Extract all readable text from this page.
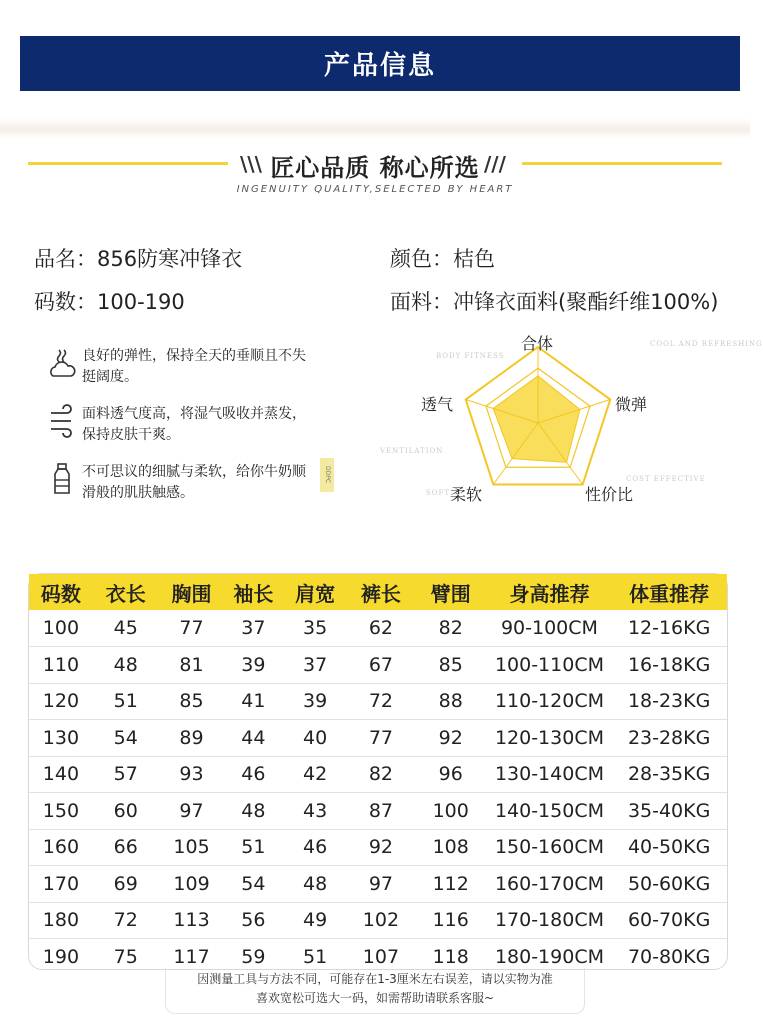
产品信息
\\\	///
匠心品质 称心所选
INGENUITY QUALITY,SELECTED BY HEART
品名：856防寒冲锋衣	颜色：桔色
码数：100-190	面料：冲锋衣面料(聚酯纤维100%)
良好的弹性，保持全天的垂顺且不失挺阔度。
面料透气度高，将湿气吸收并蒸发，保持皮肤干爽。
不可思议的细腻与柔软，给你牛奶顺滑般的肌肤触感。
DDPC
BODY FITNESS
COOL AND REFRESHING
VENTILATION
SOFT
COST EFFECTIVE
合体
微弹
性价比
柔软
透气
码数	衣长	胸围	袖长	肩宽	裤长	臂围	身高推荐	体重推荐
100	45	77	37	35	62	82	90-100CM	12-16KG
110	48	81	39	37	67	85	100-110CM	16-18KG
120	51	85	41	39	72	88	110-120CM	18-23KG
130	54	89	44	40	77	92	120-130CM	23-28KG
140	57	93	46	42	82	96	130-140CM	28-35KG
150	60	97	48	43	87	100	140-150CM	35-40KG
160	66	105	51	46	92	108	150-160CM	40-50KG
170	69	109	54	48	97	112	160-170CM	50-60KG
180	72	113	56	49	102	116	170-180CM	60-70KG
190	75	117	59	51	107	118	180-190CM	70-80KG
因测量工具与方法不同，可能存在1-3厘米左右误差，请以实物为准
喜欢宽松可选大一码，如需帮助请联系客服~
